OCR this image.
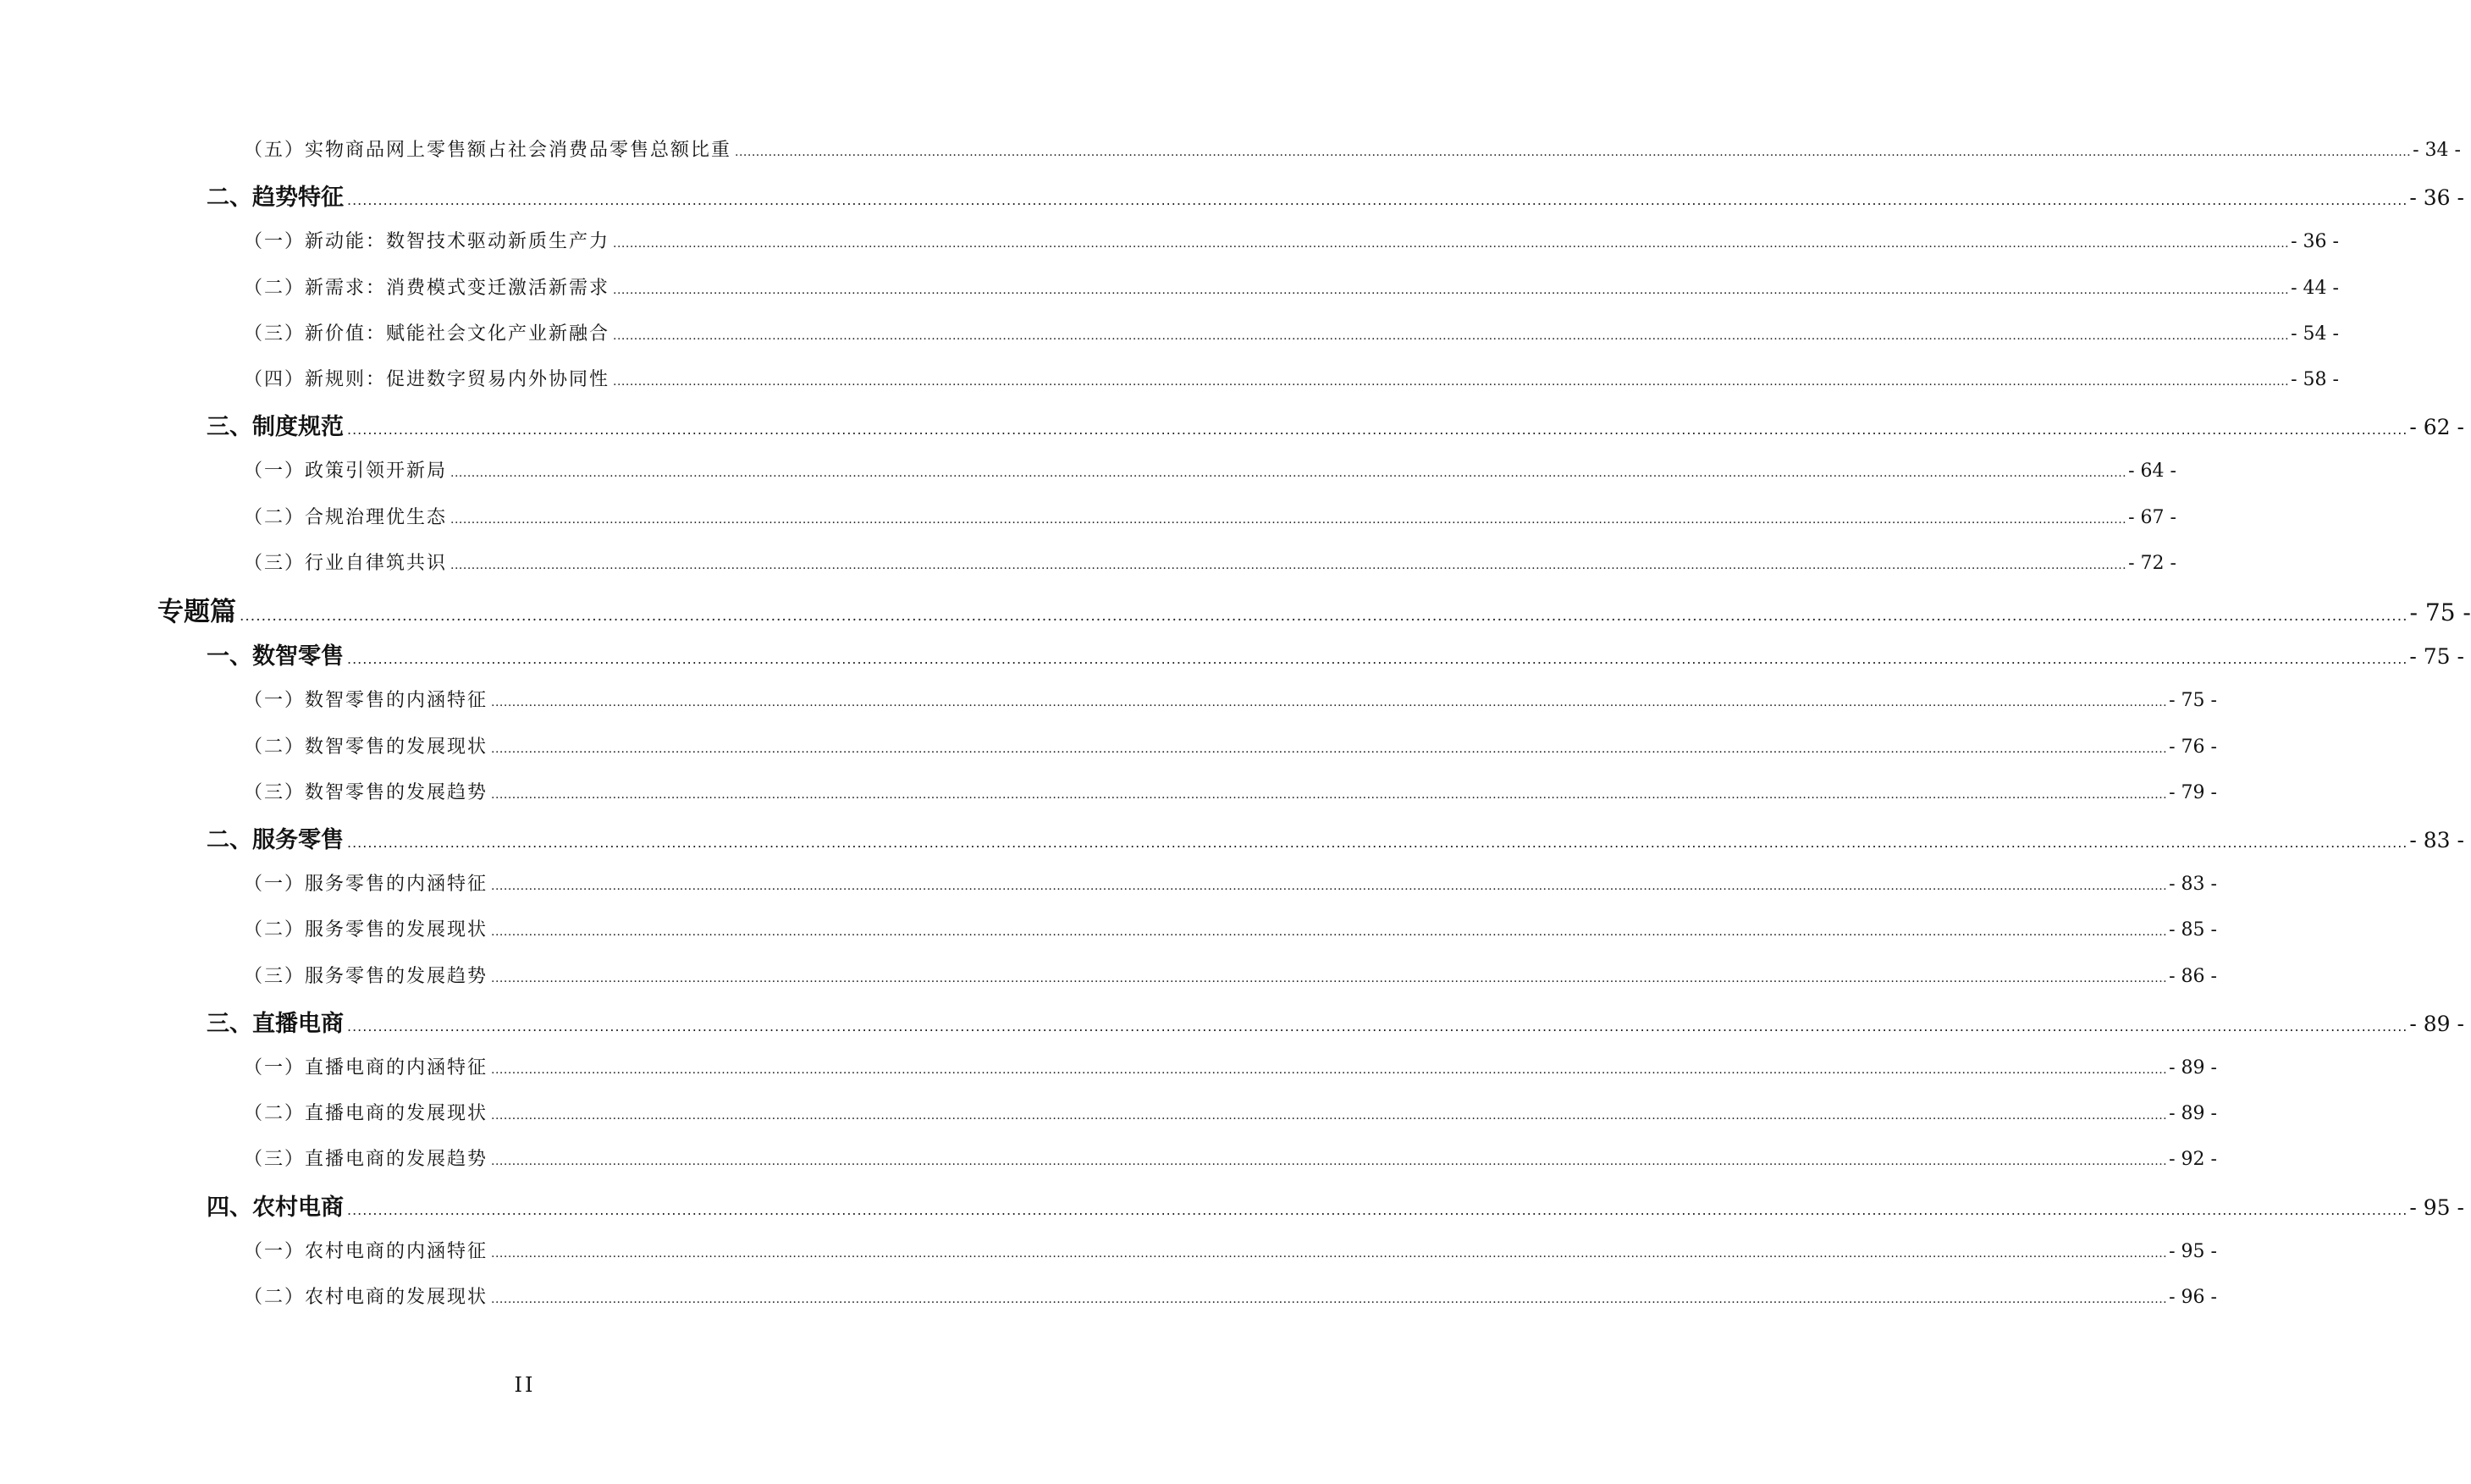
（五）实物商品网上零售额占社会消费品零售总额比重 ................................................................................................................................................................................................................................................................................................................................................................................................................ - 34 -
二、趋势特征 ................................................................................................................................................................................................................................................................................................................................................................................................................ - 36 -
（一）新动能：数智技术驱动新质生产力 ................................................................................................................................................................................................................................................................................................................................................................................................................ - 36 -
（二）新需求：消费模式变迁激活新需求 ................................................................................................................................................................................................................................................................................................................................................................................................................ - 44 -
（三）新价值：赋能社会文化产业新融合 ................................................................................................................................................................................................................................................................................................................................................................................................................ - 54 -
（四）新规则：促进数字贸易内外协同性 ................................................................................................................................................................................................................................................................................................................................................................................................................ - 58 -
三、制度规范 ................................................................................................................................................................................................................................................................................................................................................................................................................ - 62 -
（一）政策引领开新局 ................................................................................................................................................................................................................................................................................................................................................................................................................ - 64 -
（二）合规治理优生态 ................................................................................................................................................................................................................................................................................................................................................................................................................ - 67 -
（三）行业自律筑共识 ................................................................................................................................................................................................................................................................................................................................................................................................................ - 72 -
专题篇 ................................................................................................................................................................................................................................................................................................................................................................................................................ - 75 -
一、数智零售 ................................................................................................................................................................................................................................................................................................................................................................................................................ - 75 -
（一）数智零售的内涵特征 ................................................................................................................................................................................................................................................................................................................................................................................................................ - 75 -
（二）数智零售的发展现状 ................................................................................................................................................................................................................................................................................................................................................................................................................ - 76 -
（三）数智零售的发展趋势 ................................................................................................................................................................................................................................................................................................................................................................................................................ - 79 -
二、服务零售 ................................................................................................................................................................................................................................................................................................................................................................................................................ - 83 -
（一）服务零售的内涵特征 ................................................................................................................................................................................................................................................................................................................................................................................................................ - 83 -
（二）服务零售的发展现状 ................................................................................................................................................................................................................................................................................................................................................................................................................ - 85 -
（三）服务零售的发展趋势 ................................................................................................................................................................................................................................................................................................................................................................................................................ - 86 -
三、直播电商 ................................................................................................................................................................................................................................................................................................................................................................................................................ - 89 -
（一）直播电商的内涵特征 ................................................................................................................................................................................................................................................................................................................................................................................................................ - 89 -
（二）直播电商的发展现状 ................................................................................................................................................................................................................................................................................................................................................................................................................ - 89 -
（三）直播电商的发展趋势 ................................................................................................................................................................................................................................................................................................................................................................................................................ - 92 -
四、农村电商 ................................................................................................................................................................................................................................................................................................................................................................................................................ - 95 -
（一）农村电商的内涵特征 ................................................................................................................................................................................................................................................................................................................................................................................................................ - 95 -
（二）农村电商的发展现状 ................................................................................................................................................................................................................................................................................................................................................................................................................ - 96 -
II
